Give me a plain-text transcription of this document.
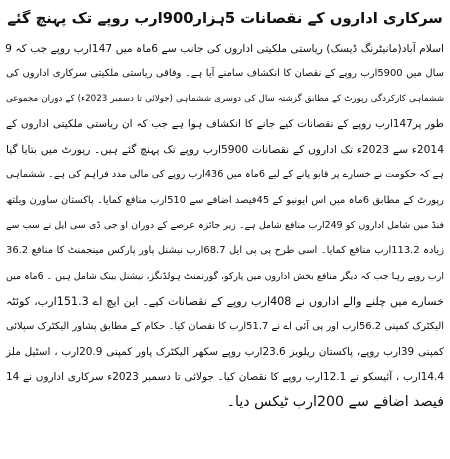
سرکاری اداروں کے نقصانات 5ہزار900ارب روپے تک پہنچ گئے
اسلام آباد(مانیٹرنگ ڈیسک) ریاستی ملکیتی اداروں کی جانب سے 6ماہ میں 147ارب روپے جب کہ 9
سال میں 5900ارب روپے کے نقصان کا انکشاف سامنے آیا ہے۔ وفاقی ریاستی ملکیتی سرکاری اداروں کی
ششماہی کارکردگی رپورٹ کے مطابق گزشتہ سال کی دوسری ششماہی (جولائی تا دسمبر 2023ء) کے دوران مجموعی
طور پر147ارب روپے کے نقصانات کیے جانے کا انکشاف ہوا ہے جب کہ ان ریاستی ملکیتی اداروں کے
2014ء سے 2023ء تک اداروں کے نقصانات 5900ارب روپے تک پہنچ گئے ہیں۔ رپورٹ میں بتایا گیا
ہے کہ حکومت نے خسارے پر قابو پانے کے لیے 6ماہ میں 436ارب روپے کی مالی مدد فراہم کی ہے۔ ششماہی
رپورٹ کے مطابق 6ماہ میں اس ایونیو کے 45فیصد اضافے سے 510ارب منافع کمایا۔ پاکستان ساورن ویلتھ
فنڈ میں شامل اداروں کو 249ارب منافع شامل ہے۔ زیر جائزہ عرصے کے دوران او جی ڈی سی ایل نے سب سے
زیادہ 113.2ارب منافع کمایا۔ اسی طرح پی پی ایل 68.7ارب نیشنل پاور پارکس مینجمنٹ کا منافع 36.2
ارب روپے رہا جب کہ دیگر منافع بخش اداروں میں پارکو، گورنمنٹ ہولڈنگز، نیشنل بینک شامل ہیں ۔ 6ماہ میں
خسارے میں چلنے والے اداروں نے 408ارب روپے کے نقصانات کیے۔ این ایچ اے 151.3ارب، کوئٹہ
الیکٹرک کمپنی 56.2ارب اور پی آئی اے نے 51.7ارب کا نقصان کیا۔ حکام کے مطابق پشاور الیکٹرک سپلائی
کمپنی 39ارب روپے، پاکستان ریلویز 23.6ارب روپے سکھر الیکٹرک پاور کمپنی 20.9ارب ، اسٹیل ملز
14.4ارب ، آئیسکو نے 12.1ارب روپے کا نقصان کیا۔ جولائی تا دسمبر 2023ء سرکاری اداروں نے 14
فیصد اضافے سے 200ارب ٹیکس دیا۔
